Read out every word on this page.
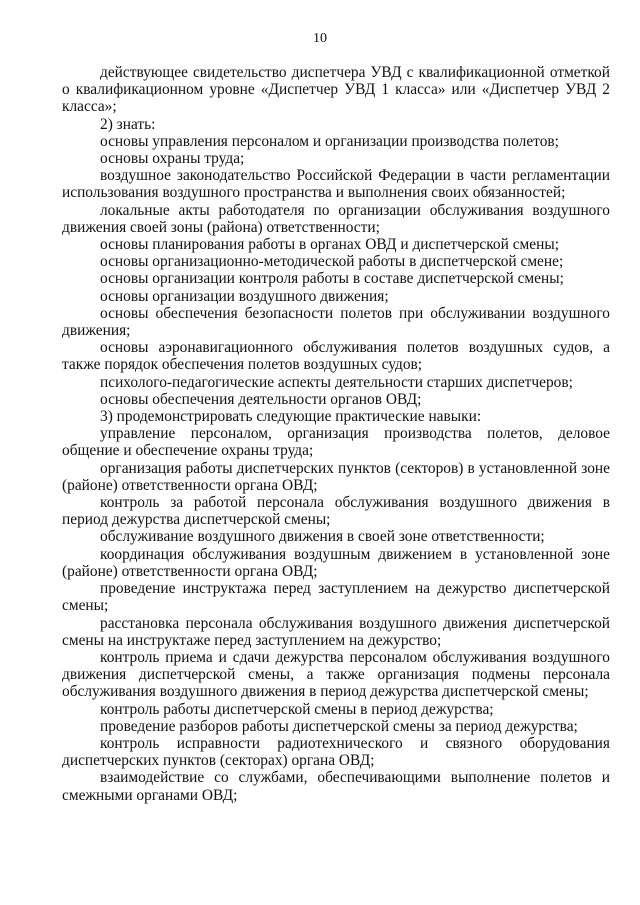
10

действующее свидетельство диспетчера УВД с квалификационной отметкой о квалификационном уровне «Диспетчер УВД 1 класса» или «Диспетчер УВД 2 класса»;

2) знать:

основы управления персоналом и организации производства полетов;

основы охраны труда;

воздушное законодательство Российской Федерации в части регламентации использования воздушного пространства и выполнения своих обязанностей;

локальные акты работодателя по организации обслуживания воздушного движения своей зоны (района) ответственности;

основы планирования работы в органах ОВД и диспетчерской смены;

основы организационно-методической работы в диспетчерской смене;

основы организации контроля работы в составе диспетчерской смены;

основы организации воздушного движения;

основы обеспечения безопасности полетов при обслуживании воздушного движения;

основы аэронавигационного обслуживания полетов воздушных судов, а также порядок обеспечения полетов воздушных судов;

психолого-педагогические аспекты деятельности старших диспетчеров;

основы обеспечения деятельности органов ОВД;

3) продемонстрировать следующие практические навыки:

управление персоналом, организация производства полетов, деловое общение и обеспечение охраны труда;

организация работы диспетчерских пунктов (секторов) в установленной зоне (районе) ответственности органа ОВД;

контроль за работой персонала обслуживания воздушного движения в период дежурства диспетчерской смены;

обслуживание воздушного движения в своей зоне ответственности;

координация обслуживания воздушным движением в установленной зоне (районе) ответственности органа ОВД;

проведение инструктажа перед заступлением на дежурство диспетчерской смены;

расстановка персонала обслуживания воздушного движения диспетчерской смены на инструктаже перед заступлением на дежурство;

контроль приема и сдачи дежурства персоналом обслуживания воздушного движения диспетчерской смены, а также организация подмены персонала обслуживания воздушного движения в период дежурства диспетчерской смены;

контроль работы диспетчерской смены в период дежурства;

проведение разборов работы диспетчерской смены за период дежурства;

контроль исправности радиотехнического и связного оборудования диспетчерских пунктов (секторах) органа ОВД;

взаимодействие со службами, обеспечивающими выполнение полетов и смежными органами ОВД;
